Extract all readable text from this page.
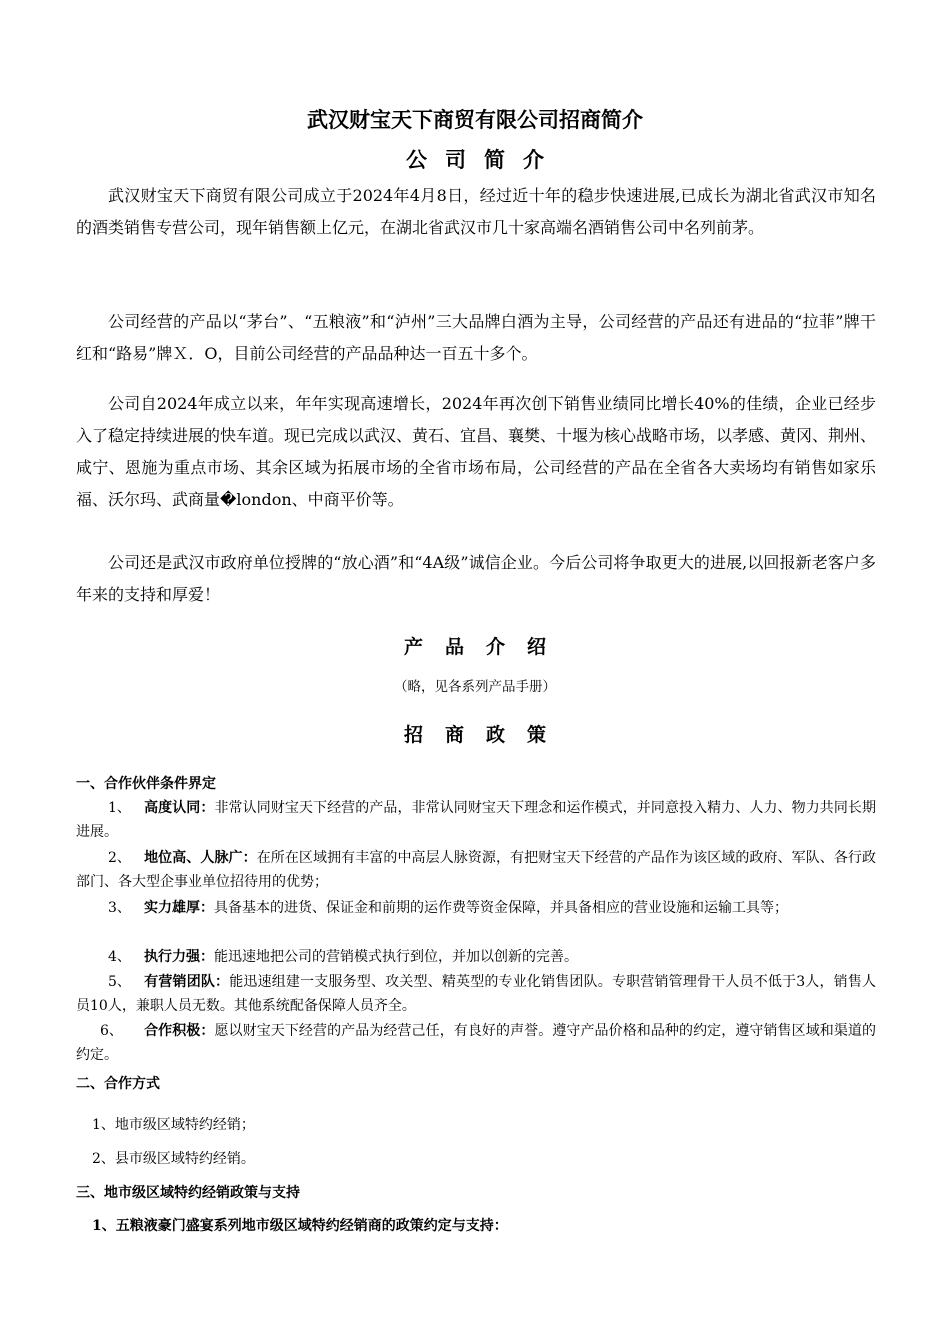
武汉财宝天下商贸有限公司招商简介
公司简介
武汉财宝天下商贸有限公司成立于2024年4月8日，经过近十年的稳步快速进展,已成长为湖北省武汉市知名的酒类销售专营公司，现年销售额上亿元，在湖北省武汉市几十家高端名酒销售公司中名列前茅。
公司经营的产品以“茅台”、“五粮液”和“泸州”三大品牌白酒为主导，公司经营的产品还有进品的“拉菲”牌干红和“路易”牌Ｘ．O，目前公司经营的产品品种达一百五十多个。
公司自2024年成立以来，年年实现高速增长，2024年再次创下销售业绩同比增长40%的佳绩，企业已经步入了稳定持续进展的快车道。现已完成以武汉、黄石、宜昌、襄樊、十堰为核心战略市场，以孝感、黄冈、荆州、咸宁、恩施为重点市场、其余区域为拓展市场的全省市场布局，公司经营的产品在全省各大卖场均有销售如家乐福、沃尔玛、武商量�london、中商平价等。
公司还是武汉市政府单位授牌的“放心酒”和“4A级”诚信企业。今后公司将争取更大的进展,以回报新老客户多年来的支持和厚爱！
产品介绍
（略，见各系列产品手册）
招商政策
一、合作伙伴条件界定
1、 高度认同：非常认同财宝天下经营的产品，非常认同财宝天下理念和运作模式，并同意投入精力、人力、物力共同长期进展。
2、 地位高、人脉广：在所在区域拥有丰富的中高层人脉资源，有把财宝天下经营的产品作为该区域的政府、军队、各行政部门、各大型企事业单位招待用的优势；
3、 实力雄厚：具备基本的进货、保证金和前期的运作费等资金保障，并具备相应的营业设施和运输工具等；
4、 执行力强：能迅速地把公司的营销模式执行到位，并加以创新的完善。
5、 有营销团队：能迅速组建一支服务型、攻关型、精英型的专业化销售团队。专职营销管理骨干人员不低于3人，销售人员10人，兼职人员无数。其他系统配备保障人员齐全。
6、 合作积极：愿以财宝天下经营的产品为经营己任，有良好的声誉。遵守产品价格和品种的约定，遵守销售区域和渠道的约定。
二、合作方式
1、地市级区域特约经销；
2、县市级区域特约经销。
三、地市级区域特约经销政策与支持
1、五粮液豪门盛宴系列地市级区域特约经销商的政策约定与支持：
